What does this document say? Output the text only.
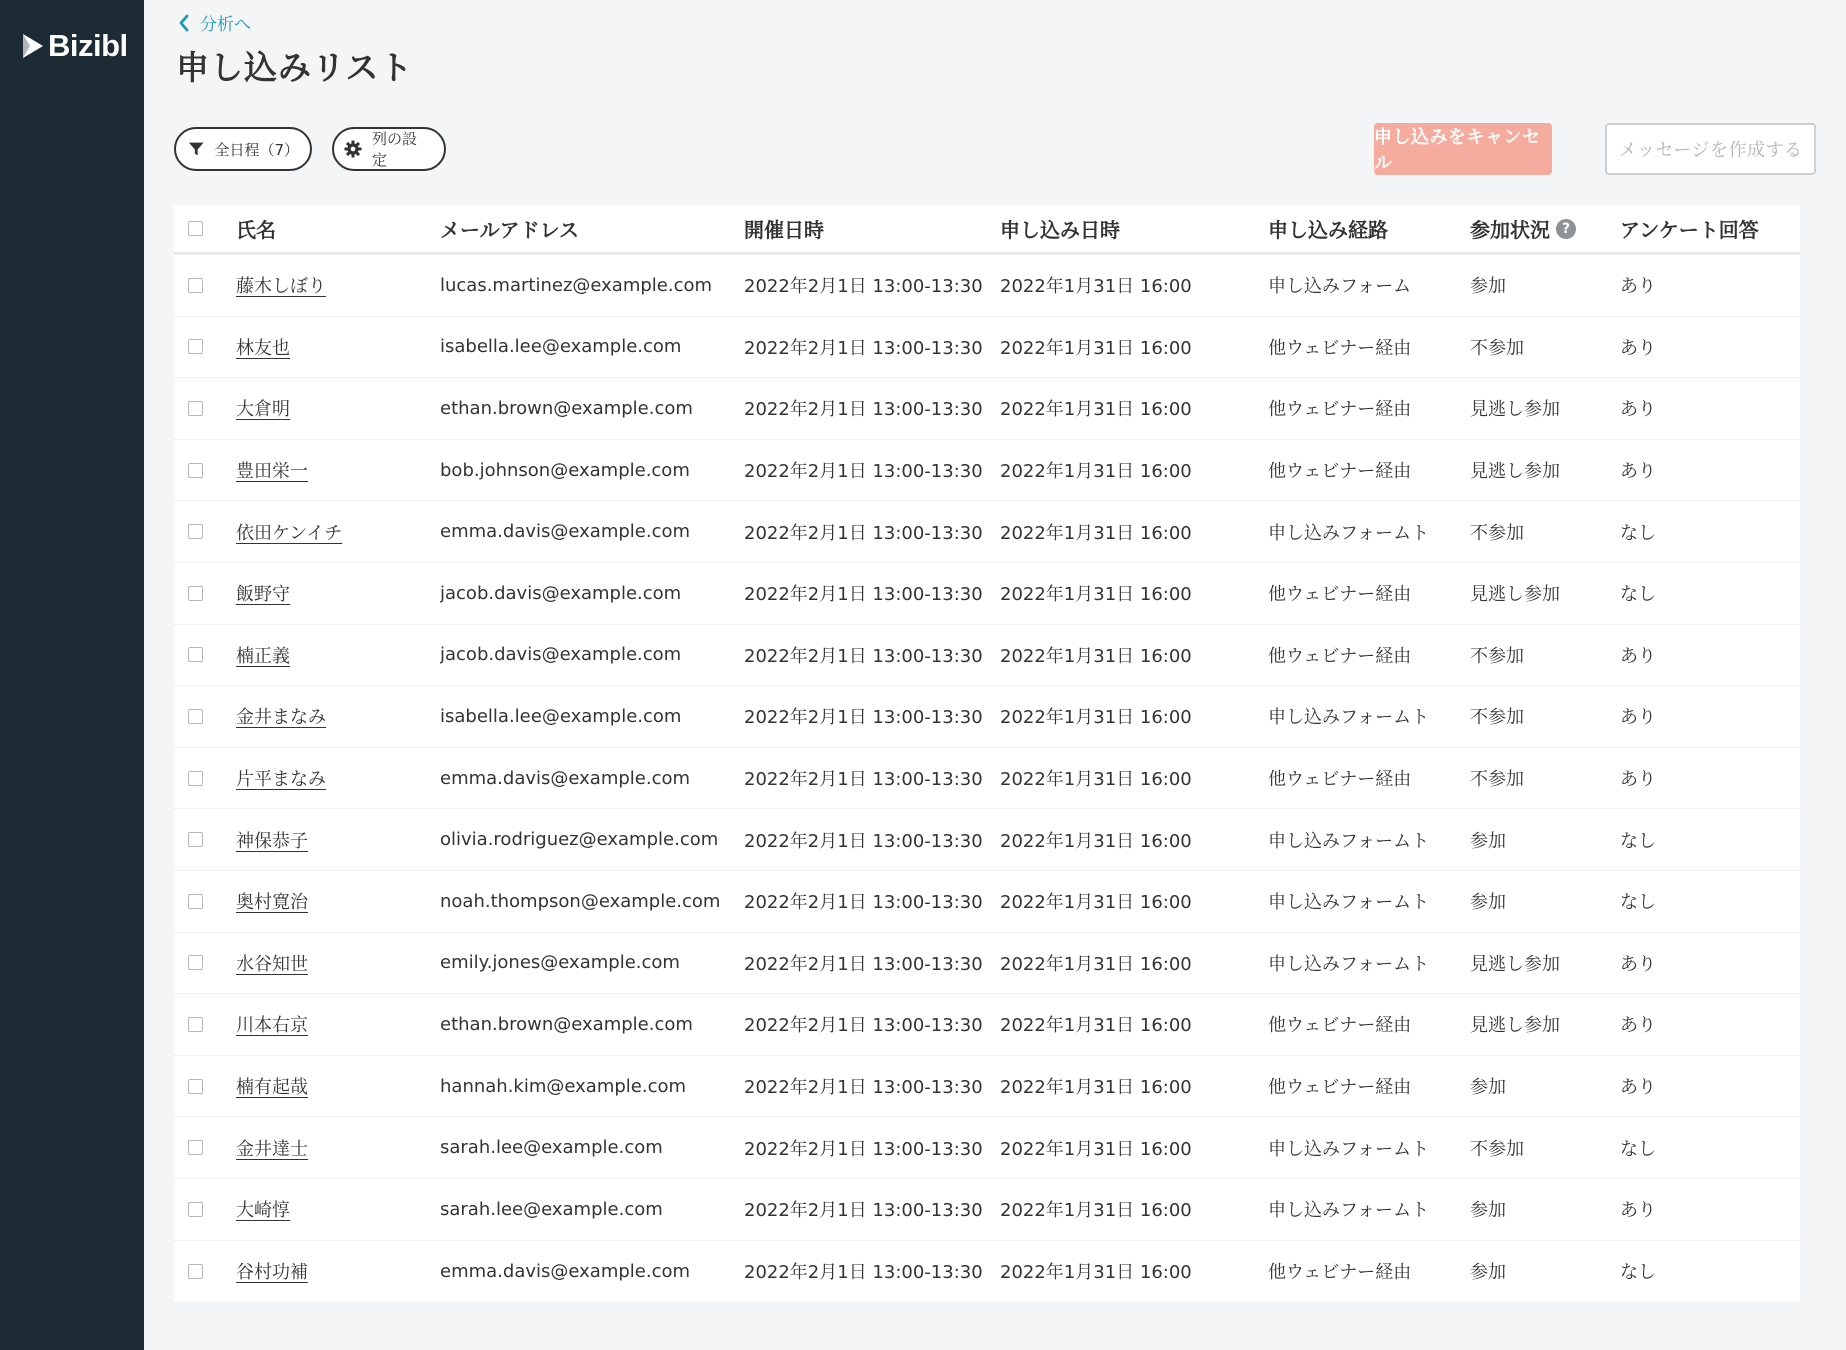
Bizibl
分析へ
申し込みリスト
全日程（7）
列の設定
申し込みをキャンセル
メッセージを作成する
氏名	メールアドレス	開催日時	申し込み日時	申し込み経路	参加状況 ? アンケート回答
藤木しぼり	lucas.martinez@example.com	2022年2月1日 13:00-13:30 2022年1月31日 16:00	申し込みフォーム	参加	あり
林友也	isabella.lee@example.com	2022年2月1日 13:00-13:30 2022年1月31日 16:00	他ウェビナー経由	不参加	あり
大倉明	ethan.brown@example.com	2022年2月1日 13:00-13:30 2022年1月31日 16:00	他ウェビナー経由	見逃し参加	あり
豊田栄一	bob.johnson@example.com	2022年2月1日 13:00-13:30 2022年1月31日 16:00	他ウェビナー経由	見逃し参加	あり
依田ケンイチ	emma.davis@example.com	2022年2月1日 13:00-13:30 2022年1月31日 16:00	申し込みフォームト	不参加	なし
飯野守	jacob.davis@example.com	2022年2月1日 13:00-13:30 2022年1月31日 16:00	他ウェビナー経由	見逃し参加	なし
楠正義	jacob.davis@example.com	2022年2月1日 13:00-13:30 2022年1月31日 16:00	他ウェビナー経由	不参加	あり
金井まなみ	isabella.lee@example.com	2022年2月1日 13:00-13:30 2022年1月31日 16:00	申し込みフォームト	不参加	あり
片平まなみ	emma.davis@example.com	2022年2月1日 13:00-13:30 2022年1月31日 16:00	他ウェビナー経由	不参加	あり
神保恭子	olivia.rodriguez@example.com	2022年2月1日 13:00-13:30 2022年1月31日 16:00	申し込みフォームト	参加	なし
奥村寛治	noah.thompson@example.com	2022年2月1日 13:00-13:30 2022年1月31日 16:00	申し込みフォームト	参加	なし
水谷知世	emily.jones@example.com	2022年2月1日 13:00-13:30 2022年1月31日 16:00	申し込みフォームト	見逃し参加	あり
川本右京	ethan.brown@example.com	2022年2月1日 13:00-13:30 2022年1月31日 16:00	他ウェビナー経由	見逃し参加	あり
楠有起哉	hannah.kim@example.com	2022年2月1日 13:00-13:30 2022年1月31日 16:00	他ウェビナー経由	参加	あり
金井達士	sarah.lee@example.com	2022年2月1日 13:00-13:30 2022年1月31日 16:00	申し込みフォームト	不参加	なし
大崎惇	sarah.lee@example.com	2022年2月1日 13:00-13:30 2022年1月31日 16:00	申し込みフォームト	参加	あり
谷村功補	emma.davis@example.com	2022年2月1日 13:00-13:30 2022年1月31日 16:00	他ウェビナー経由	参加	なし
